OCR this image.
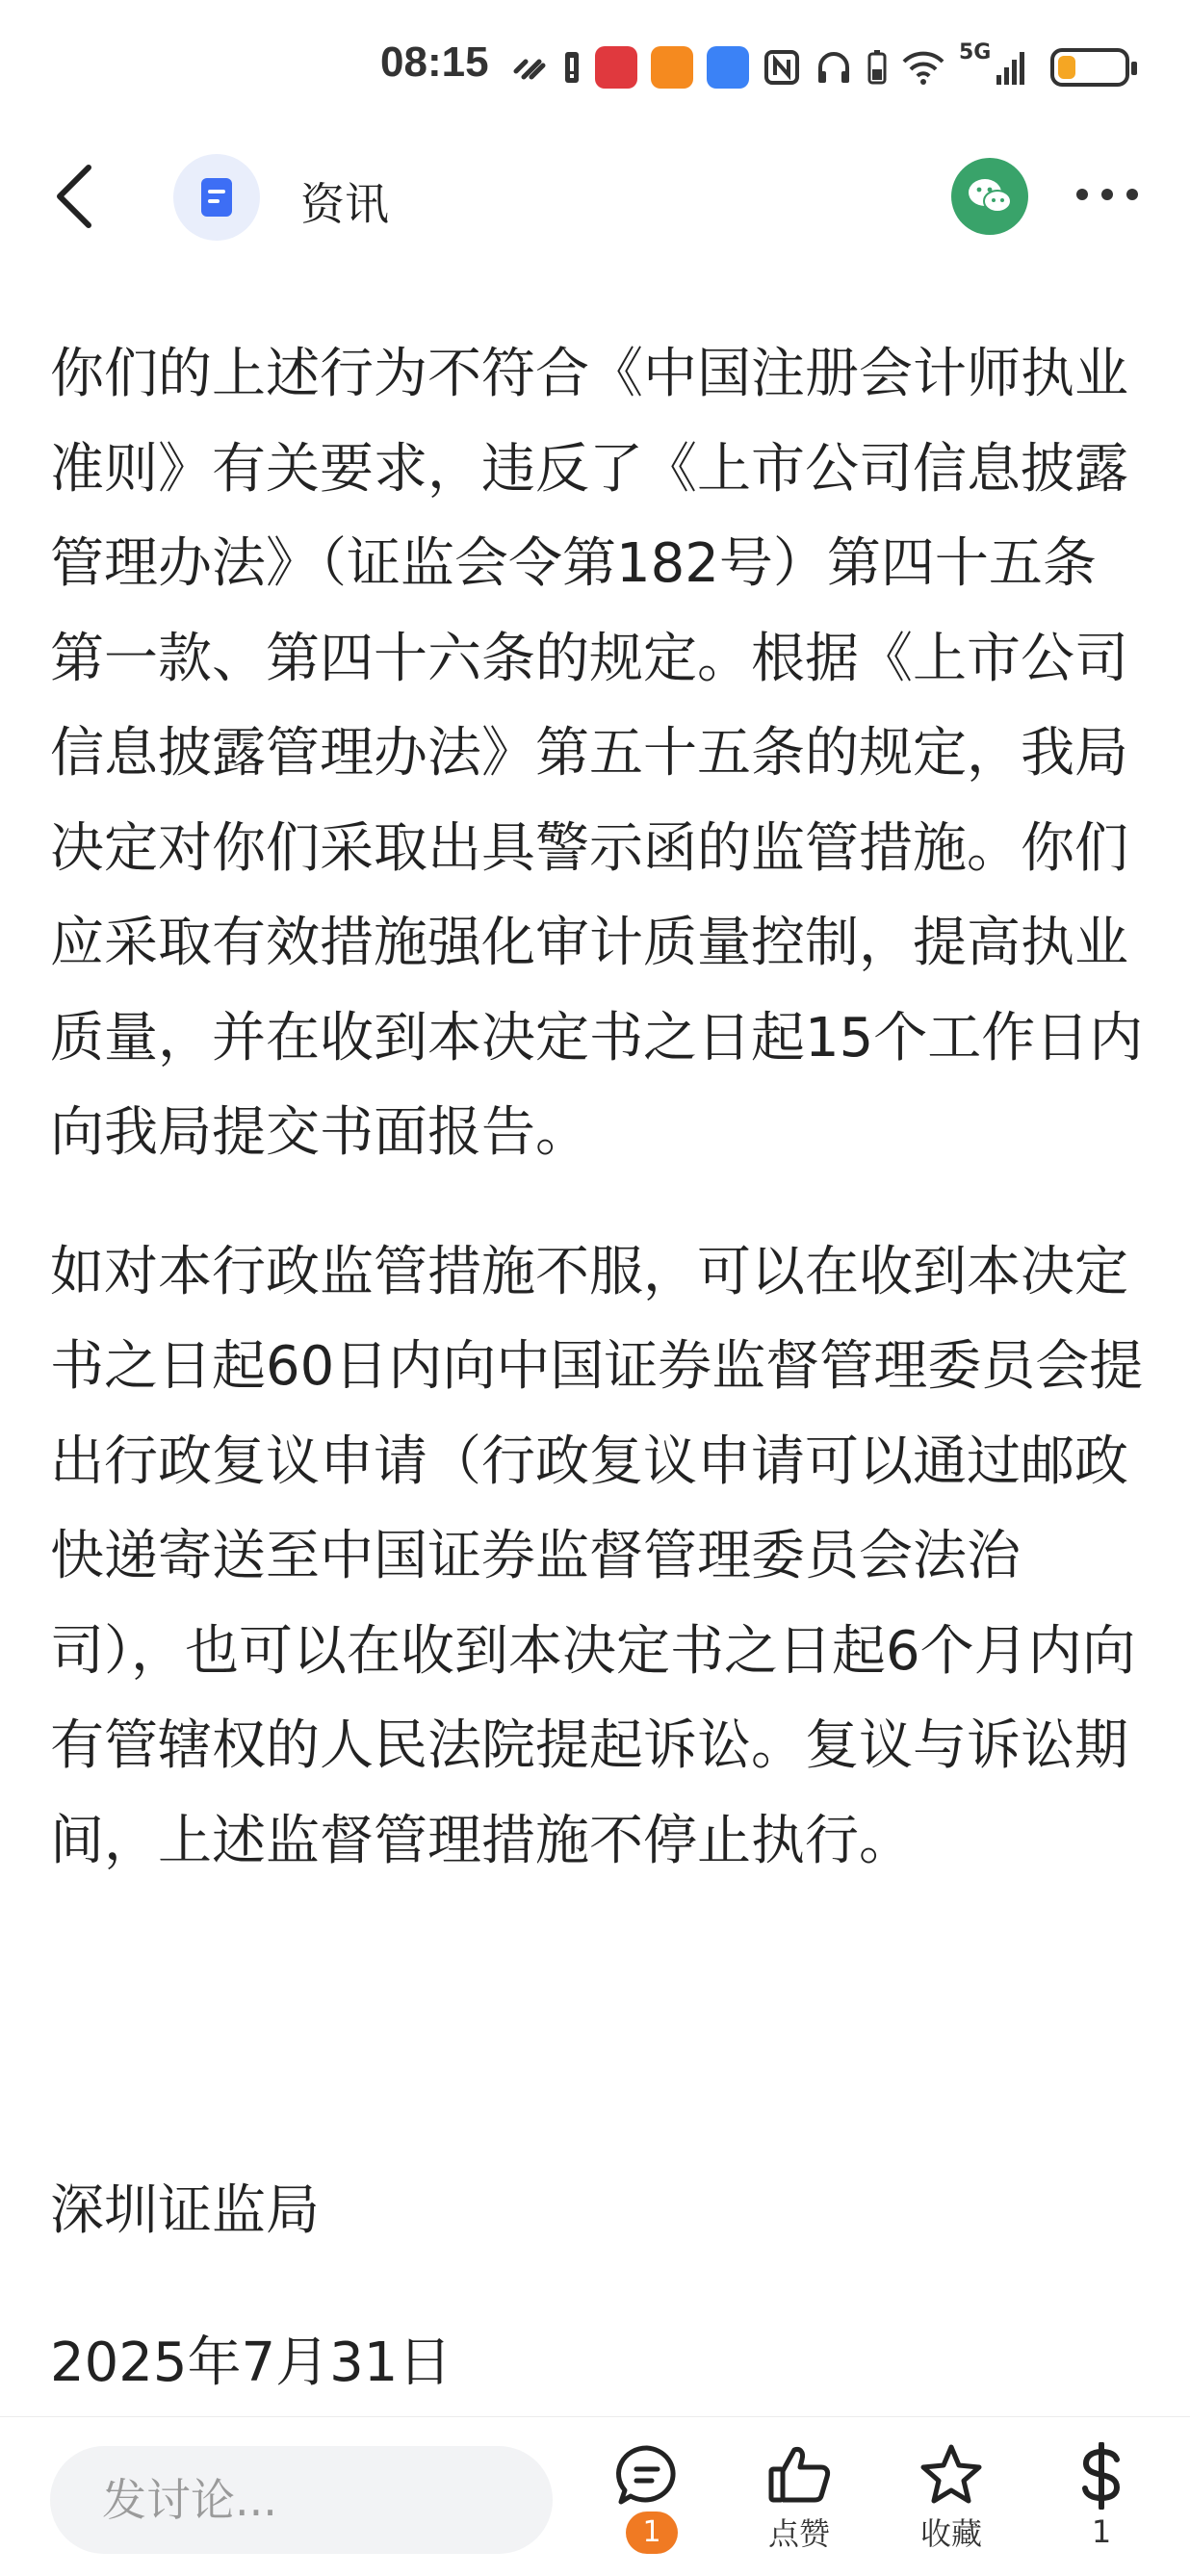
08:15	5G
资讯

你们的上述行为不符合《中国注册会计师执业准则》有关要求，违反了《上市公司信息披露管理办法》（证监会令第182号）第四十五条第一款、第四十六条的规定。根据《上市公司信息披露管理办法》第五十五条的规定，我局决定对你们采取出具警示函的监管措施。你们应采取有效措施强化审计质量控制，提高执业质量，并在收到本决定书之日起15个工作日内向我局提交书面报告。

如对本行政监管措施不服，可以在收到本决定书之日起60日内向中国证券监督管理委员会提出行政复议申请（行政复议申请可以通过邮政快递寄送至中国证券监督管理委员会法治司），也可以在收到本决定书之日起6个月内向有管辖权的人民法院提起诉讼。复议与诉讼期间，上述监督管理措施不停止执行。

深圳证监局
2025年7月31日
发讨论...
1	点赞	收藏	1
